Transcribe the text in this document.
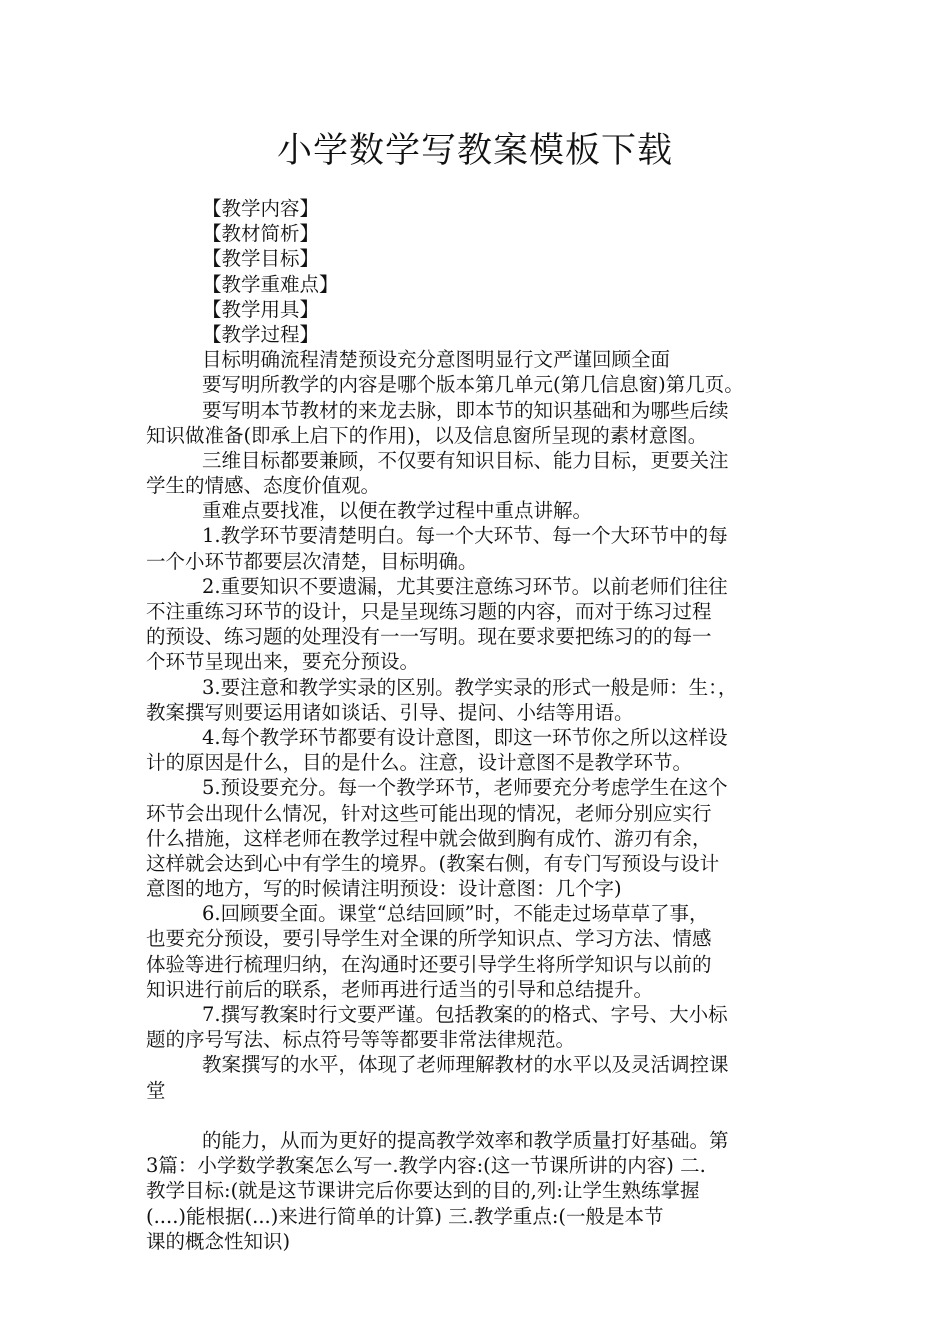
小学数学写教案模板下载
【教学内容】
【教材简析】
【教学目标】
【教学重难点】
【教学用具】
【教学过程】
目标明确流程清楚预设充分意图明显行文严谨回顾全面
要写明所教学的内容是哪个版本第几单元(第几信息窗)第几页。
要写明本节教材的来龙去脉，即本节的知识基础和为哪些后续
知识做准备(即承上启下的作用)，以及信息窗所呈现的素材意图。
三维目标都要兼顾，不仅要有知识目标、能力目标，更要关注
学生的情感、态度价值观。
重难点要找准，以便在教学过程中重点讲解。
1.教学环节要清楚明白。每一个大环节、每一个大环节中的每
一个小环节都要层次清楚，目标明确。
2.重要知识不要遗漏，尤其要注意练习环节。以前老师们往往
不注重练习环节的设计，只是呈现练习题的内容，而对于练习过程
的预设、练习题的处理没有一一写明。现在要求要把练习的的每一
个环节呈现出来，要充分预设。
3.要注意和教学实录的区别。教学实录的形式一般是师：生：，
教案撰写则要运用诸如谈话、引导、提问、小结等用语。
4.每个教学环节都要有设计意图，即这一环节你之所以这样设
计的原因是什么，目的是什么。注意，设计意图不是教学环节。
5.预设要充分。每一个教学环节，老师要充分考虑学生在这个
环节会出现什么情况，针对这些可能出现的情况，老师分别应实行
什么措施，这样老师在教学过程中就会做到胸有成竹、游刃有余，
这样就会达到心中有学生的境界。(教案右侧，有专门写预设与设计
意图的地方，写的时候请注明预设：设计意图：几个字)
6.回顾要全面。课堂“总结回顾”时，不能走过场草草了事，
也要充分预设，要引导学生对全课的所学知识点、学习方法、情感
体验等进行梳理归纳，在沟通时还要引导学生将所学知识与以前的
知识进行前后的联系，老师再进行适当的引导和总结提升。
7.撰写教案时行文要严谨。包括教案的的格式、字号、大小标
题的序号写法、标点符号等等都要非常法律规范。
教案撰写的水平，体现了老师理解教材的水平以及灵活调控课
堂
的能力，从而为更好的提高教学效率和教学质量打好基础。第
3篇：小学数学教案怎么写一.教学内容:(这一节课所讲的内容) 二.
教学目标:(就是这节课讲完后你要达到的目的,列:让学生熟练掌握
(....)能根据(...)来进行简单的计算) 三.教学重点:(一般是本节
课的概念性知识)
